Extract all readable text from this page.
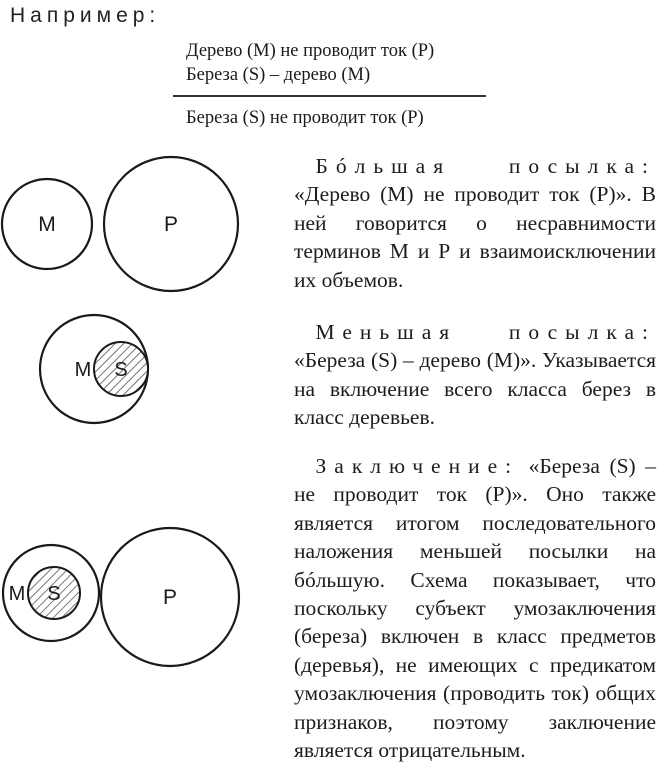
Например:
Дерево (М) не проводит ток (Р)
Береза (S) – дерево (М)
Береза (S) не проводит ток (Р)
M	P
M S
M S	P
 Бóльшая посылка: «Дерево (М) не проводит ток (Р)». В ней говорится о несравнимости терминов М и Р и взаимоисключении их объемов.
 Меньшая посылка: «Береза (S) – дерево (М)». Указывается на включение всего класса берез в класс деревьев.
 Заключение: «Береза (S) – не проводит ток (Р)». Оно также является итогом последовательного наложения меньшей посылки на бóльшую. Схема показывает, что поскольку субъект умозаключения (береза) включен в класс предметов (деревья), не имеющих с предикатом умозаключения (проводить ток) общих признаков, поэтому заключение является отрицательным.
